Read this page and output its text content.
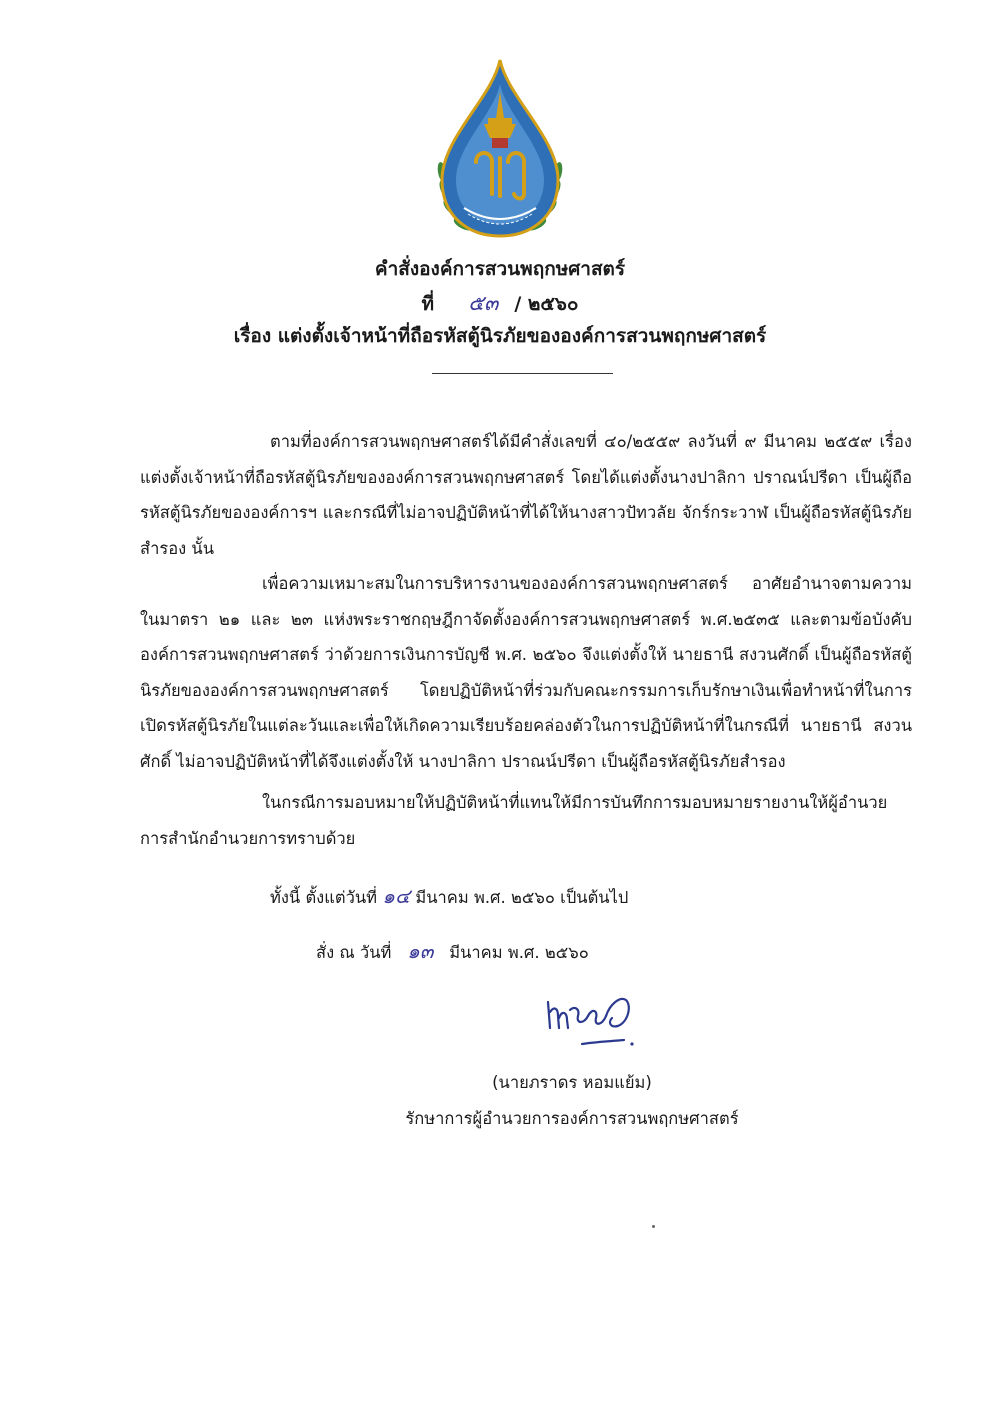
คำสั่งองค์การสวนพฤกษศาสตร์
ที่ ๕๓ / ๒๕๖๐
เรื่อง แต่งตั้งเจ้าหน้าที่ถือรหัสตู้นิรภัยขององค์การสวนพฤกษศาสตร์
ตามที่องค์การสวนพฤกษศาสตร์ได้มีคำสั่งเลขที่ ๔๐/๒๕๕๙ ลงวันที่ ๙ มีนาคม ๒๕๕๙ เรื่อง แต่งตั้งเจ้าหน้าที่ถือรหัสตู้นิรภัยขององค์การสวนพฤกษศาสตร์ โดยได้แต่งตั้งนางปาลิกา ปราณน์ปรีดา เป็นผู้ถือรหัสตู้นิรภัยขององค์การฯ และกรณีที่ไม่อาจปฏิบัติหน้าที่ได้ให้นางสาวปัทวลัย จักร์กระวาฬ เป็นผู้ถือรหัสตู้นิรภัยสำรอง นั้น
เพื่อความเหมาะสมในการบริหารงานขององค์การสวนพฤกษศาสตร์ อาศัยอำนาจตามความในมาตรา ๒๑ และ ๒๓ แห่งพระราชกฤษฎีกาจัดตั้งองค์การสวนพฤกษศาสตร์ พ.ศ.๒๕๓๕ และตามข้อบังคับองค์การสวนพฤกษศาสตร์ ว่าด้วยการเงินการบัญชี พ.ศ. ๒๕๖๐ จึงแต่งตั้งให้ นายธานี สงวนศักดิ์ เป็นผู้ถือรหัสตู้นิรภัยขององค์การสวนพฤกษศาสตร์ โดยปฏิบัติหน้าที่ร่วมกับคณะกรรมการเก็บรักษาเงินเพื่อทำหน้าที่ในการเปิดรหัสตู้นิรภัยในแต่ละวันและเพื่อให้เกิดความเรียบร้อยคล่องตัวในการปฏิบัติหน้าที่ในกรณีที่ นายธานี สงวนศักดิ์ ไม่อาจปฏิบัติหน้าที่ได้จึงแต่งตั้งให้ นางปาลิกา ปราณน์ปรีดา เป็นผู้ถือรหัสตู้นิรภัยสำรอง
ในกรณีการมอบหมายให้ปฏิบัติหน้าที่แทนให้มีการบันทึกการมอบหมายรายงานให้ผู้อำนวยการสำนักอำนวยการทราบด้วย
ทั้งนี้ ตั้งแต่วันที่ ๑๔ มีนาคม พ.ศ. ๒๕๖๐ เป็นต้นไป
สั่ง ณ วันที่ ๑๓ มีนาคม พ.ศ. ๒๕๖๐
(นายภราดร หอมแย้ม)
รักษาการผู้อำนวยการองค์การสวนพฤกษศาสตร์
